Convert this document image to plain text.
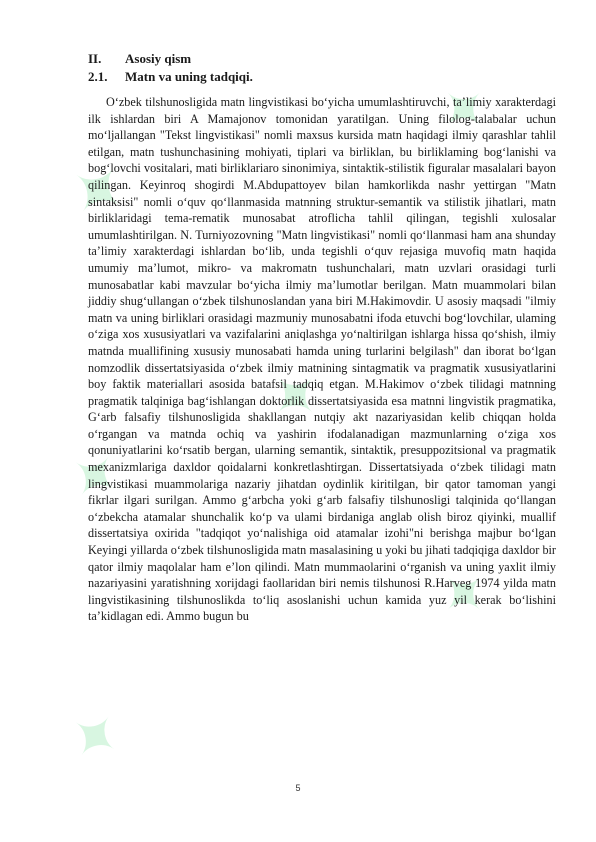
✦
✦
✦
✦
✦
✦
II.	Asosiy qism
2.1.	Matn va uning tadqiqi.

O‘zbek tilshunosligida matn lingvistikasi bo‘yicha umumlashtiruvchi, ta’limiy xarakterdagi ilk ishlardan biri A Mamajonov tomonidan yaratilgan. Uning filolog-talabalar uchun mo‘ljallangan "Tekst lingvistikasi" nomli maxsus kursida matn haqidagi ilmiy qarashlar tahlil etilgan, matn tushunchasining mohiyati, tiplari va birliklan, bu birliklaming bog‘lanishi va bog‘lovchi vositalari, mati birliklariaro sinonimiya, sintaktik-stilistik figuralar masalalari bayon qilingan. Keyinroq shogirdi M.Abdupattoyev bilan hamkorlikda nashr yettirgan "Matn sintaksisi" nomli o‘quv qo‘llanmasida matnning struktur-semantik va stilistik jihatlari, matn birliklaridagi tema-rematik munosabat atroflicha tahlil qilingan, tegishli xulosalar umumlashtirilgan. N. Turniyozovning "Matn lingvistikasi" nomli qo‘llanmasi ham ana shunday ta’limiy xarakterdagi ishlardan bo‘lib, unda tegishli o‘quv rejasiga muvofiq matn haqida umumiy ma’lumot, mikro- va makromatn tushunchalari, matn uzvlari orasidagi turli munosabatlar kabi mavzular bo‘yicha ilmiy ma’lumotlar berilgan. Matn muammolari bilan jiddiy shug‘ullangan o‘zbek tilshunoslandan yana biri M.Hakimovdir. U asosiy maqsadi "ilmiy matn va uning birliklari orasidagi mazmuniy munosabatni ifoda etuvchi bog‘lovchilar, ulaming o‘ziga xos xususiyatlari va vazifalarini aniqlashga yo‘naltirilgan ishlarga hissa qo‘shish, ilmiy matnda muallifining xususiy munosabati hamda uning turlarini belgilash" dan iborat bo‘lgan nomzodlik dissertatsiyasida o‘zbek ilmiy matnining sintagmatik va pragmatik xususiyatlarini boy faktik materiallari asosida batafsil tadqiq etgan. M.Hakimov o‘zbek tilidagi matnning pragmatik talqiniga bag‘ishlangan doktorlik dissertatsiyasida esa matnni lingvistik pragmatika, G‘arb falsafiy tilshunosligida shakllangan nutqiy akt nazariyasidan kelib chiqqan holda o‘rgangan va matnda ochiq va yashirin ifodalanadigan mazmunlarning o‘ziga xos qonuniyatlarini ko‘rsatib bergan, ularning semantik, sintaktik, presuppozitsional va pragmatik mexanizmlariga daxldor qoidalarni konkretlashtirgan. Dissertatsiyada o‘zbek tilidagi matn lingvistikasi muammolariga nazariy jihatdan oydinlik kiritilgan, bir qator tamoman yangi fikrlar ilgari surilgan. Ammo g‘arbcha yoki g‘arb falsafiy tilshunosligi talqinida qo‘llangan o‘zbekcha atamalar shunchalik ko‘p va ulami birdaniga anglab olish biroz qiyinki, muallif dissertatsiya oxirida "tadqiqot yo‘nalishiga oid atamalar izohi"ni berishga majbur bo‘lgan Keyingi yillarda o‘zbek tilshunosligida matn masalasining u yoki bu jihati tadqiqiga daxldor bir qator ilmiy maqolalar ham e’lon qilindi. Matn mummaolarini o‘rganish va uning yaxlit ilmiy nazariyasini yaratishning xorijdagi faollaridan biri nemis tilshunosi R.Harveg 1974 yilda matn lingvistikasining tilshunoslikda to‘liq asoslanishi uchun kamida yuz yil kerak bo‘lishini ta’kidlagan edi. Ammo bugun bu

5
